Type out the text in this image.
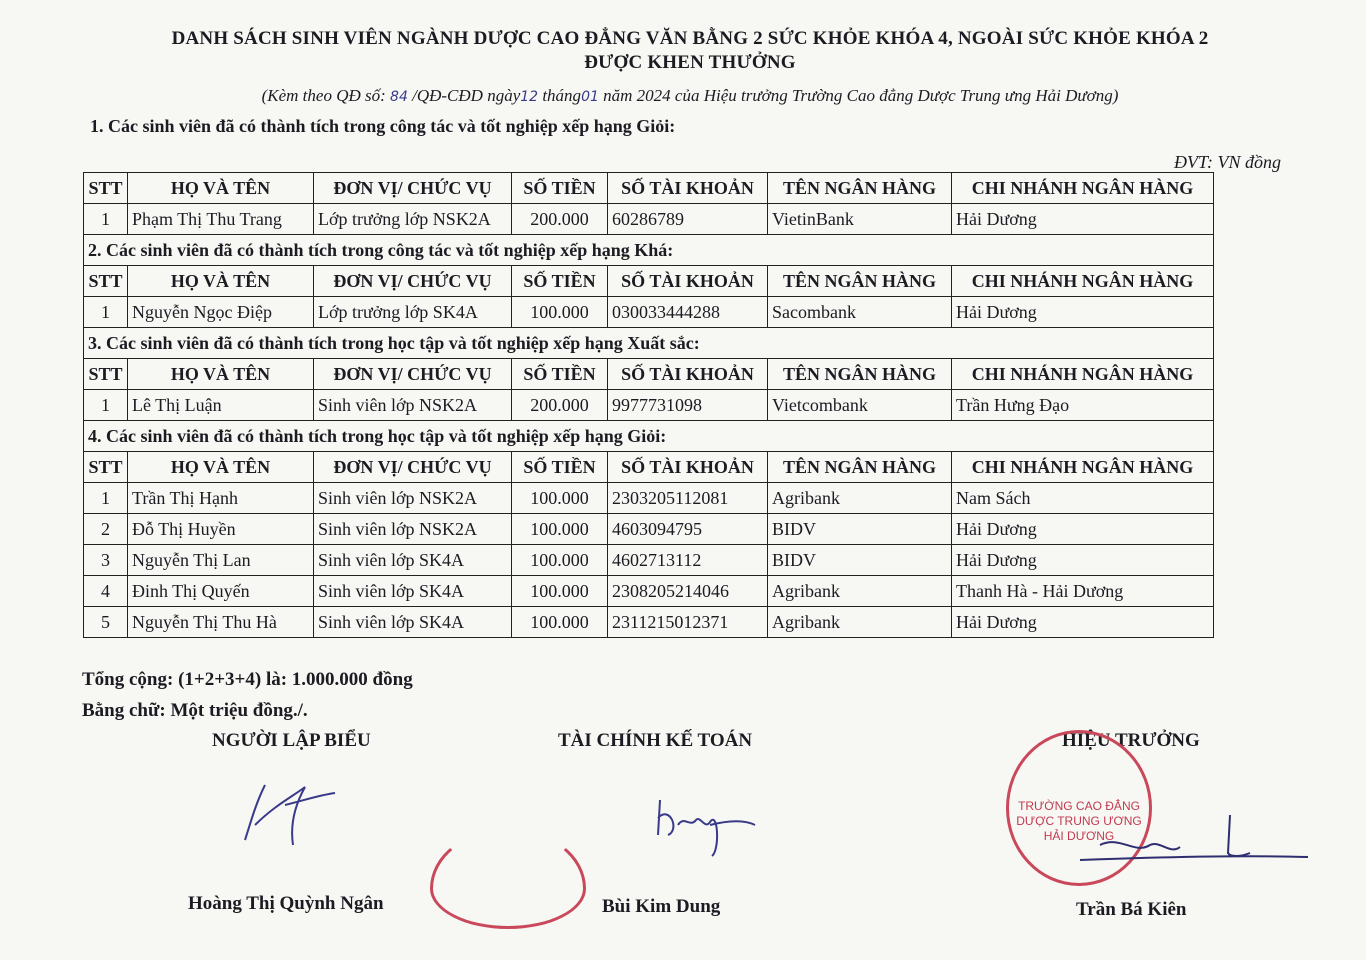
DANH SÁCH SINH VIÊN NGÀNH DƯỢC CAO ĐẲNG VĂN BẰNG 2 SỨC KHỎE KHÓA 4, NGOÀI SỨC KHỎE KHÓA 2
ĐƯỢC KHEN THƯỞNG
(Kèm theo QĐ số: 84 /QĐ-CĐD ngày12 tháng01 năm 2024 của Hiệu trưởng Trường Cao đẳng Dược Trung ưng Hải Dương)
1. Các sinh viên đã có thành tích trong công tác và tốt nghiệp xếp hạng Giỏi:
ĐVT: VN đồng
STT	HỌ VÀ TÊN	ĐƠN VỊ/ CHỨC VỤ	SỐ TIỀN	SỐ TÀI KHOẢN	TÊN NGÂN HÀNG	CHI NHÁNH NGÂN HÀNG
1	Phạm Thị Thu Trang	Lớp trưởng lớp NSK2A	200.000	60286789	VietinBank	Hải Dương
2. Các sinh viên đã có thành tích trong công tác và tốt nghiệp xếp hạng Khá:						
STT	HỌ VÀ TÊN	ĐƠN VỊ/ CHỨC VỤ	SỐ TIỀN	SỐ TÀI KHOẢN	TÊN NGÂN HÀNG	CHI NHÁNH NGÂN HÀNG
1	Nguyễn Ngọc Điệp	Lớp trưởng lớp SK4A	100.000	030033444288	Sacombank	Hải Dương
3. Các sinh viên đã có thành tích trong học tập và tốt nghiệp xếp hạng Xuất sắc:						
STT	HỌ VÀ TÊN	ĐƠN VỊ/ CHỨC VỤ	SỐ TIỀN	SỐ TÀI KHOẢN	TÊN NGÂN HÀNG	CHI NHÁNH NGÂN HÀNG
1	Lê Thị Luận	Sinh viên lớp NSK2A	200.000	9977731098	Vietcombank	Trần Hưng Đạo
4. Các sinh viên đã có thành tích trong học tập và tốt nghiệp xếp hạng Giỏi:						
STT	HỌ VÀ TÊN	ĐƠN VỊ/ CHỨC VỤ	SỐ TIỀN	SỐ TÀI KHOẢN	TÊN NGÂN HÀNG	CHI NHÁNH NGÂN HÀNG
1	Trần Thị Hạnh	Sinh viên lớp NSK2A	100.000	2303205112081	Agribank	Nam Sách
2	Đỗ Thị Huyền	Sinh viên lớp NSK2A	100.000	4603094795	BIDV	Hải Dương
3	Nguyễn Thị Lan	Sinh viên lớp SK4A	100.000	4602713112	BIDV	Hải Dương
4	Đinh Thị Quyến	Sinh viên lớp SK4A	100.000	2308205214046	Agribank	Thanh Hà - Hải Dương
5	Nguyễn Thị Thu Hà	Sinh viên lớp SK4A	100.000	2311215012371	Agribank	Hải Dương
Tổng cộng: (1+2+3+4) là: 1.000.000 đồng
Bằng chữ: Một triệu đồng./.
NGƯỜI LẬP BIỂU	TÀI CHÍNH KẾ TOÁN	HIỆU TRƯỞNG
TRƯỜNG CAO ĐẲNG
DƯỢC TRUNG ƯƠNG
HẢI DƯƠNG
Hoàng Thị Quỳnh Ngân	Bùi Kim Dung	Trần Bá Kiên
